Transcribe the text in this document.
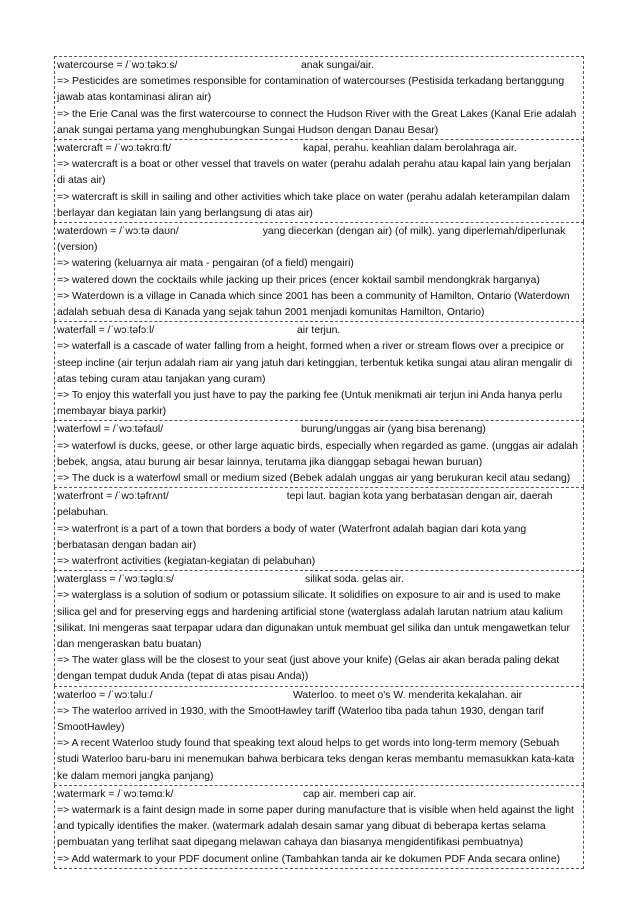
watercourse = /ˈwɔːtəkɔːs/	anak sungai/air.
=> Pesticides are sometimes responsible for contamination of watercourses (Pestisida terkadang bertanggung jawab atas kontaminasi aliran air)
=> the Erie Canal was the first watercourse to connect the Hudson River with the Great Lakes (Kanal Erie adalah anak sungai pertama yang menghubungkan Sungai Hudson dengan Danau Besar)
watercraft = /ˈwɔːtəkrɑːft/	kapal, perahu. keahlian dalam berolahraga air.
=> watercraft is a boat or other vessel that travels on water (perahu adalah perahu atau kapal lain yang berjalan di atas air)
=> watercraft is skill in sailing and other activities which take place on water (perahu adalah keterampilan dalam berlayar dan kegiatan lain yang berlangsung di atas air)
waterdown = /ˈwɔːtə daʊn/	yang diecerkan (dengan air) (of milk). yang diperlemah/diperlunak (version)
=> watering (keluarnya air mata - pengairan (of a field) mengairi)
=> watered down the cocktails while jacking up their prices (encer koktail sambil mendongkrak harganya)
=> Waterdown is a village in Canada which since 2001 has been a community of Hamilton, Ontario (Waterdown adalah sebuah desa di Kanada yang sejak tahun 2001 menjadi komunitas Hamilton, Ontario)
waterfall = /ˈwɔːtəfɔːl/	air terjun.
=> waterfall is a cascade of water falling from a height, formed when a river or stream flows over a precipice or steep incline (air terjun adalah riam air yang jatuh dari ketinggian, terbentuk ketika sungai atau aliran mengalir di atas tebing curam atau tanjakan yang curam)
=> To enjoy this waterfall you just have to pay the parking fee (Untuk menikmati air terjun ini Anda hanya perlu membayar biaya parkir)
waterfowl = /ˈwɔːtəfaʊl/	burung/unggas air (yang bisa berenang)
=> waterfowl is ducks, geese, or other large aquatic birds, especially when regarded as game. (unggas air adalah bebek, angsa, atau burung air besar lainnya, terutama jika dianggap sebagai hewan buruan)
=> The duck is a waterfowl small or medium sized (Bebek adalah unggas air yang berukuran kecil atau sedang)
waterfront = /ˈwɔːtəfrʌnt/	tepi laut. bagian kota yang berbatasan dengan air, daerah pelabuhan.
=> waterfront is a part of a town that borders a body of water (Waterfront adalah bagian dari kota yang berbatasan dengan badan air)
=> waterfront activities (kegiatan-kegiatan di pelabuhan)
waterglass = /ˈwɔːtəglɑːs/	silikat soda. gelas air.
=> waterglass is a solution of sodium or potassium silicate. It solidifies on exposure to air and is used to make silica gel and for preserving eggs and hardening artificial stone (waterglass adalah larutan natrium atau kalium silikat. Ini mengeras saat terpapar udara dan digunakan untuk membuat gel silika dan untuk mengawetkan telur dan mengeraskan batu buatan)
=> The water glass will be the closest to your seat (just above your knife) (Gelas air akan berada paling dekat dengan tempat duduk Anda (tepat di atas pisau Anda))
waterloo = /ˈwɔːtəluː/	Waterloo. to meet o's W. menderita kekalahan. air
=> The waterloo arrived in 1930, with the SmootHawley tariff (Waterloo tiba pada tahun 1930, dengan tarif SmootHawley)
=> A recent Waterloo study found that speaking text aloud helps to get words into long-term memory (Sebuah studi Waterloo baru-baru ini menemukan bahwa berbicara teks dengan keras membantu memasukkan kata-kata ke dalam memori jangka panjang)
watermark = /ˈwɔːtəmɑːk/	cap air. memberi cap air.
=> watermark is a faint design made in some paper during manufacture that is visible when held against the light and typically identifies the maker. (watermark adalah desain samar yang dibuat di beberapa kertas selama pembuatan yang terlihat saat dipegang melawan cahaya dan biasanya mengidentifikasi pembuatnya)
=> Add watermark to your PDF document online (Tambahkan tanda air ke dokumen PDF Anda secara online)
